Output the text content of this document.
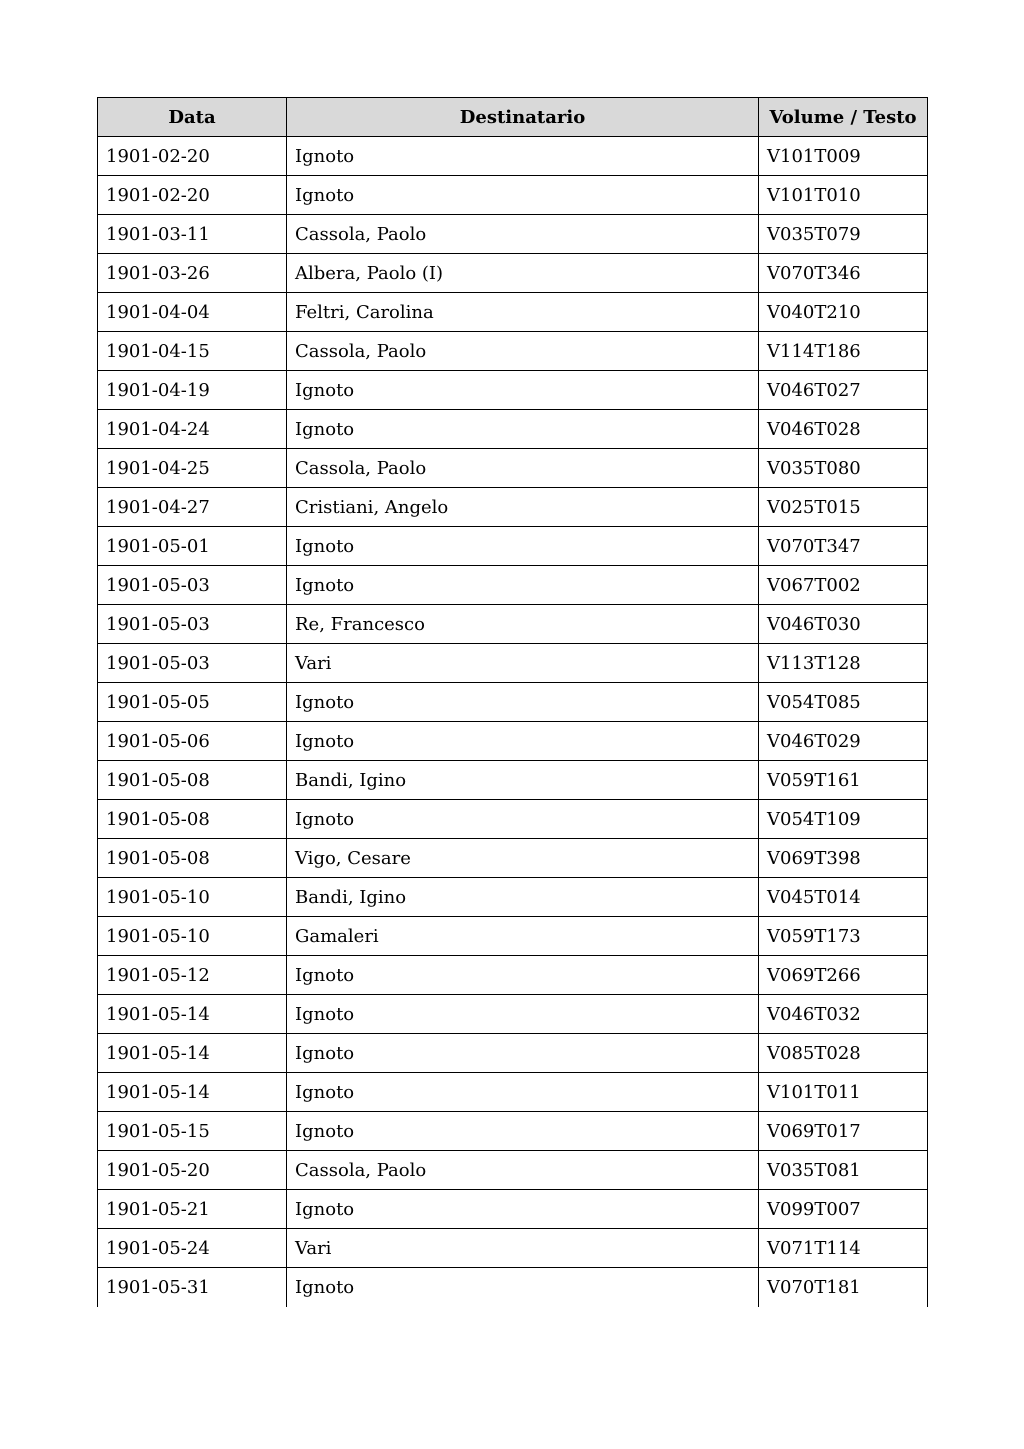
Data	Destinatario	Volume / Testo
1901-02-20	Ignoto	V101T009
1901-02-20	Ignoto	V101T010
1901-03-11	Cassola, Paolo	V035T079
1901-03-26	Albera, Paolo (I)	V070T346
1901-04-04	Feltri, Carolina	V040T210
1901-04-15	Cassola, Paolo	V114T186
1901-04-19	Ignoto	V046T027
1901-04-24	Ignoto	V046T028
1901-04-25	Cassola, Paolo	V035T080
1901-04-27	Cristiani, Angelo	V025T015
1901-05-01	Ignoto	V070T347
1901-05-03	Ignoto	V067T002
1901-05-03	Re, Francesco	V046T030
1901-05-03	Vari	V113T128
1901-05-05	Ignoto	V054T085
1901-05-06	Ignoto	V046T029
1901-05-08	Bandi, Igino	V059T161
1901-05-08	Ignoto	V054T109
1901-05-08	Vigo, Cesare	V069T398
1901-05-10	Bandi, Igino	V045T014
1901-05-10	Gamaleri	V059T173
1901-05-12	Ignoto	V069T266
1901-05-14	Ignoto	V046T032
1901-05-14	Ignoto	V085T028
1901-05-14	Ignoto	V101T011
1901-05-15	Ignoto	V069T017
1901-05-20	Cassola, Paolo	V035T081
1901-05-21	Ignoto	V099T007
1901-05-24	Vari	V071T114
1901-05-31	Ignoto	V070T181
